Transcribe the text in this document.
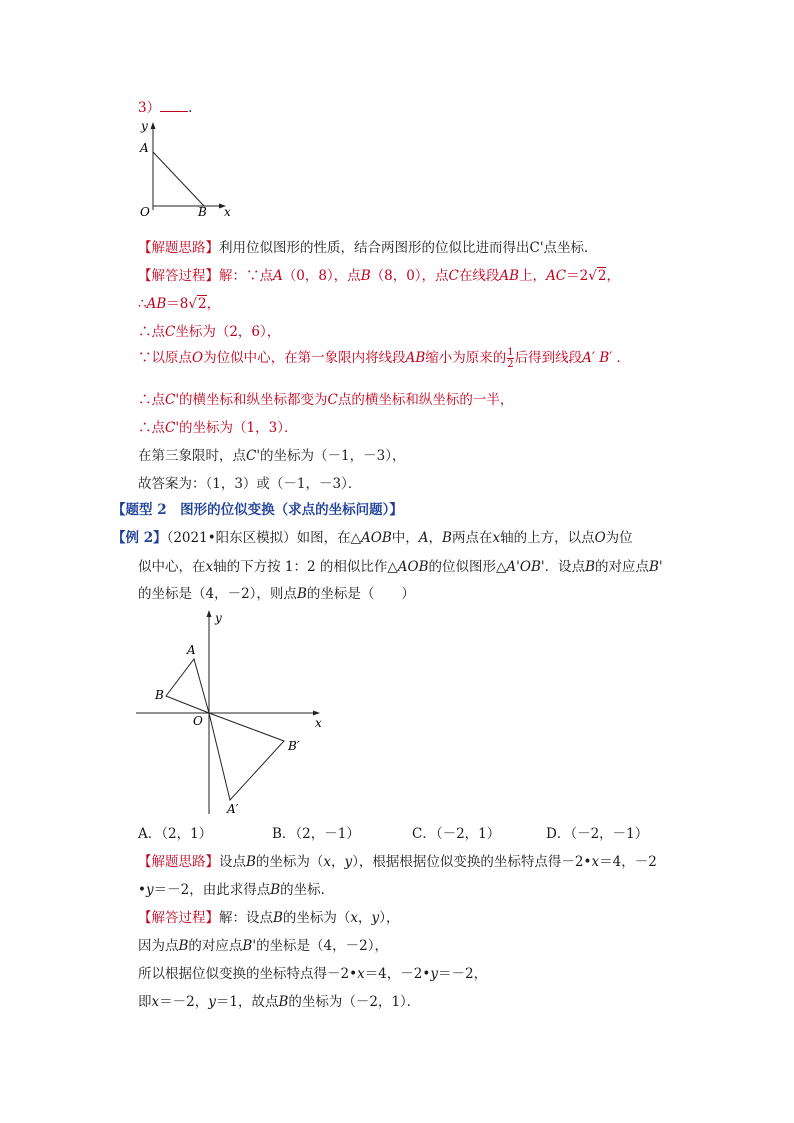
3） .
y
A
O	B x
【解题思路】利用位似图形的性质，结合两图形的位似比进而得出C'点坐标．
【解答过程】解：∵点A（0，8），点B（8，0），点C在线段AB上，AC＝2√2，
∴AB＝8√2，
∴点C坐标为（2，6），
∵以原点O为位似中心，在第一象限内将线段AB缩小为原来的 $\frac{1}{2}$ 后得到线段A′ B′ ．
∴点C'的横坐标和纵坐标都变为C点的横坐标和纵坐标的一半，
∴点C'的坐标为（1，3）．
在第三象限时，点C'的坐标为（－1，－3），
故答案为：（1，3）或（－1，－3）．
【题型 2　图形的位似变换（求点的坐标问题）】
【例 2】（2021•阳东区模拟）如图，在△AOB中，A，B两点在x轴的上方，以点O为位
似中心，在x轴的下方按 1：2 的相似比作△AOB的位似图形△A'OB'．设点B的对应点B'
的坐标是（4，－2），则点B的坐标是（　　）
y
A
B
O	x
B′
A′
A．（2，1）	B．（2，－1）	C．（－2，1）	D．（－2，－1）
【解题思路】设点B的坐标为（x，y），根据根据位似变换的坐标特点得－2•x＝4，－2
•y＝－2，由此求得点B的坐标．
【解答过程】解：设点B的坐标为（x，y），
因为点B的对应点B'的坐标是（4，－2），
所以根据位似变换的坐标特点得－2•x＝4，－2•y＝－2，
即x＝－2，y＝1，故点B的坐标为（－2，1）．
